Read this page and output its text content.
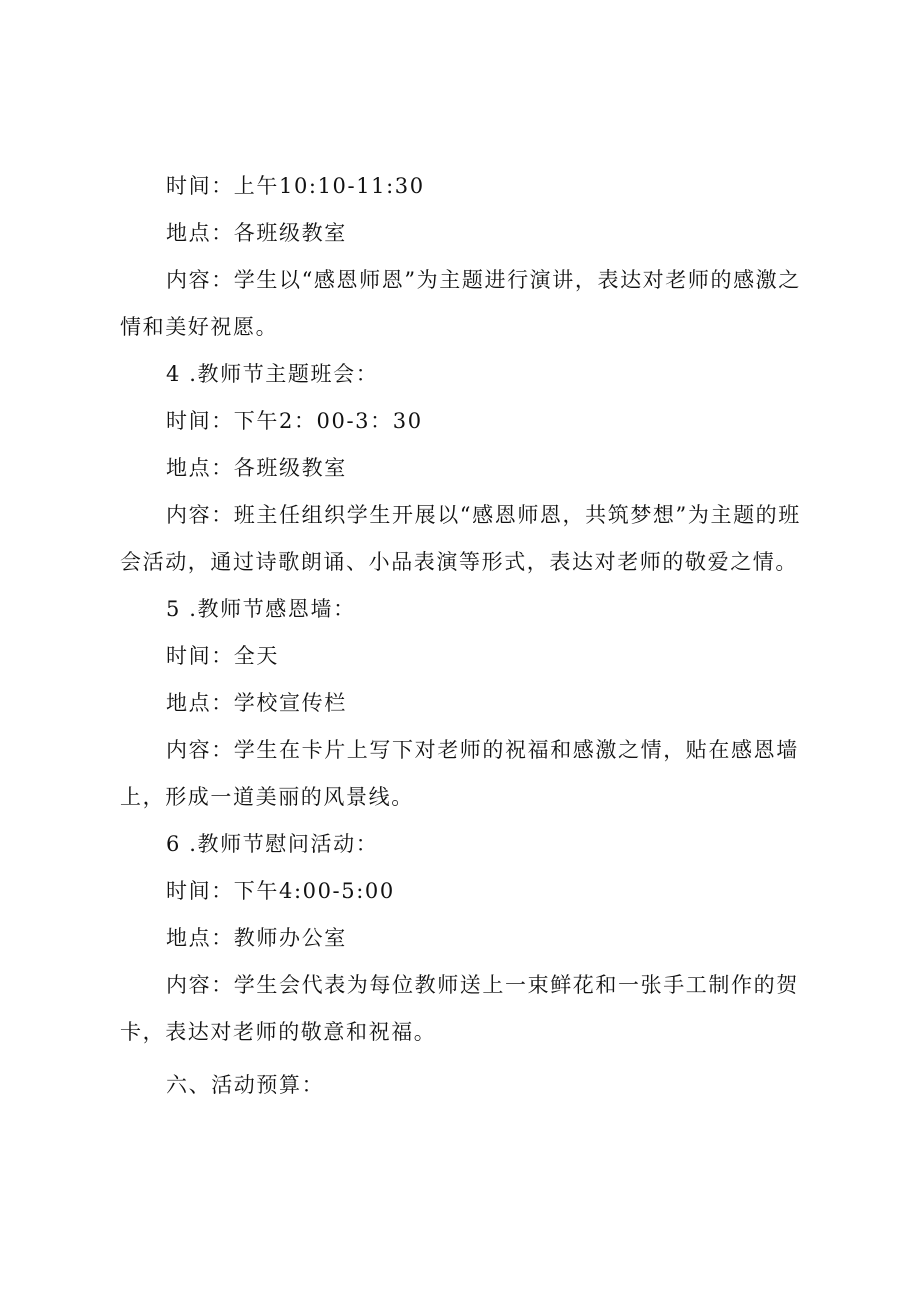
时间：上午10:10-11:30

地点：各班级教室

内容：学生以“感恩师恩”为主题进行演讲，表达对老师的感激之情和美好祝愿。

4 .教师节主题班会：

时间：下午2：00-3：30

地点：各班级教室

内容：班主任组织学生开展以“感恩师恩，共筑梦想”为主题的班会活动，通过诗歌朗诵、小品表演等形式，表达对老师的敬爱之情。

5 .教师节感恩墙：

时间：全天

地点：学校宣传栏

内容：学生在卡片上写下对老师的祝福和感激之情，贴在感恩墙上，形成一道美丽的风景线。

6 .教师节慰问活动：

时间：下午4:00-5:00

地点：教师办公室

内容：学生会代表为每位教师送上一束鲜花和一张手工制作的贺卡，表达对老师的敬意和祝福。

六、活动预算：
